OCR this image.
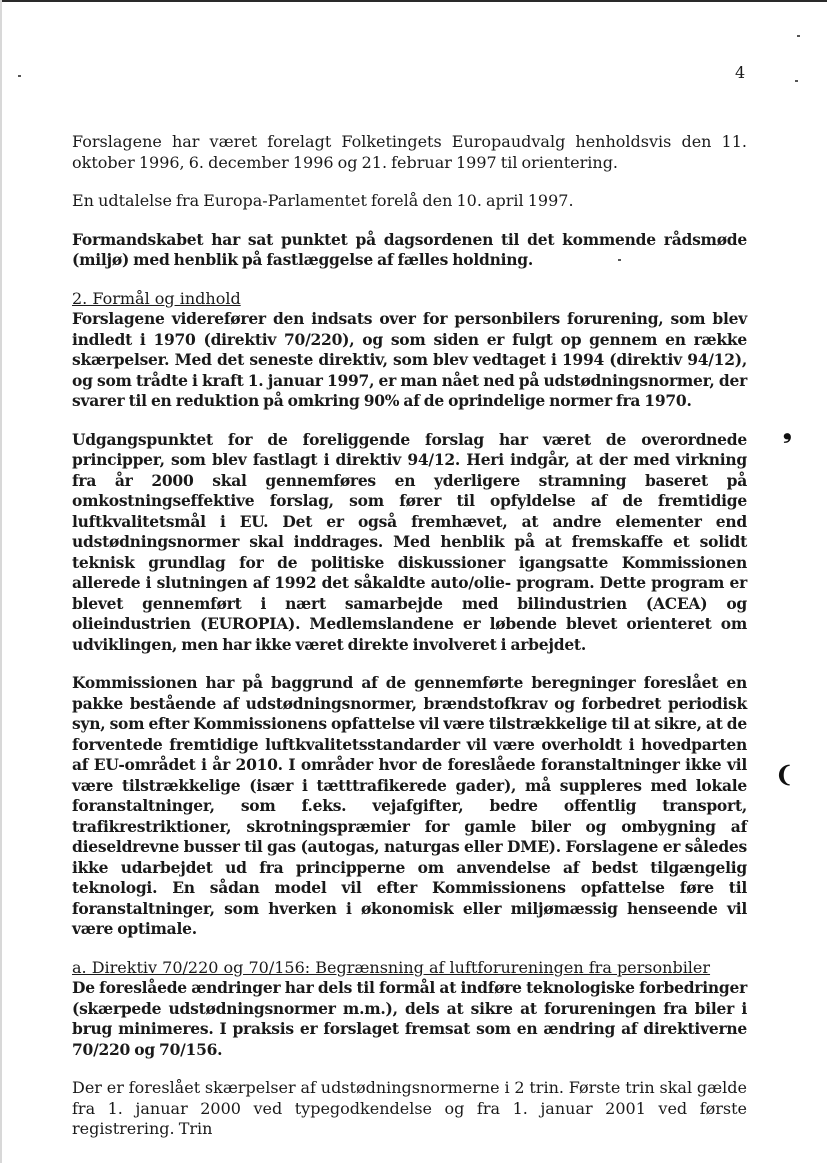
4

Forslagene har været forelagt Folketingets Europaudvalg henholdsvis den 11. oktober 1996, 6. december 1996 og 21. februar 1997 til orientering.

En udtalelse fra Europa-Parlamentet forelå den 10. april 1997.

Formandskabet har sat punktet på dagsordenen til det kommende rådsmøde (miljø) med henblik på fastlæggelse af fælles holdning.

2. Formål og indhold

Forslagene viderefører den indsats over for personbilers forurening, som blev indledt i 1970 (direktiv 70/220), og som siden er fulgt op gennem en række skærpelser. Med det seneste direktiv, som blev vedtaget i 1994 (direktiv 94/12), og som trådte i kraft 1. januar 1997, er man nået ned på udstødningsnormer, der svarer til en reduktion på omkring 90% af de oprindelige normer fra 1970.

Udgangspunktet for de foreliggende forslag har været de overordnede principper, som blev fastlagt i direktiv 94/12. Heri indgår, at der med virkning fra år 2000 skal gennemføres en yderligere stramning baseret på omkostningseffektive forslag, som fører til opfyldelse af de fremtidige luftkvalitetsmål i EU. Det er også fremhævet, at andre elementer end udstødningsnormer skal inddrages. Med henblik på at fremskaffe et solidt teknisk grundlag for de politiske diskussioner igangsatte Kommissionen allerede i slutningen af 1992 det såkaldte auto/olie- program. Dette program er blevet gennemført i nært samarbejde med bilindustrien (ACEA) og olieindustrien (EUROPIA). Medlemslandene er løbende blevet orienteret om udviklingen, men har ikke været direkte involveret i arbejdet.

Kommissionen har på baggrund af de gennemførte beregninger foreslået en pakke bestående af udstødningsnormer, brændstofkrav og forbedret periodisk syn, som efter Kommissionens opfattelse vil være tilstrækkelige til at sikre, at de forventede fremtidige luftkvalitetsstandarder vil være overholdt i hovedparten af EU-området i år 2010. I områder hvor de foreslåede foranstaltninger ikke vil være tilstrækkelige (især i tætttrafikerede gader), må suppleres med lokale foranstaltninger, som f.eks. vejafgifter, bedre offentlig transport, trafikrestriktioner, skrotningspræmier for gamle biler og ombygning af dieseldrevne busser til gas (autogas, naturgas eller DME). Forslagene er således ikke udarbejdet ud fra principperne om anvendelse af bedst tilgængelig teknologi. En sådan model vil efter Kommissionens opfattelse føre til foranstaltninger, som hverken i økonomisk eller miljømæssig henseende vil være optimale.

a. Direktiv 70/220 og 70/156: Begrænsning af luftforureningen fra personbiler

De foreslåede ændringer har dels til formål at indføre teknologiske forbedringer (skærpede udstødningsnormer m.m.), dels at sikre at forureningen fra biler i brug minimeres. I praksis er forslaget fremsat som en ændring af direktiverne 70/220 og 70/156.

Der er foreslået skærpelser af udstødningsnormerne i 2 trin. Første trin skal gælde fra 1. januar 2000 ved typegodkendelse og fra 1. januar 2001 ved første registrering. Trin

❟
❨
